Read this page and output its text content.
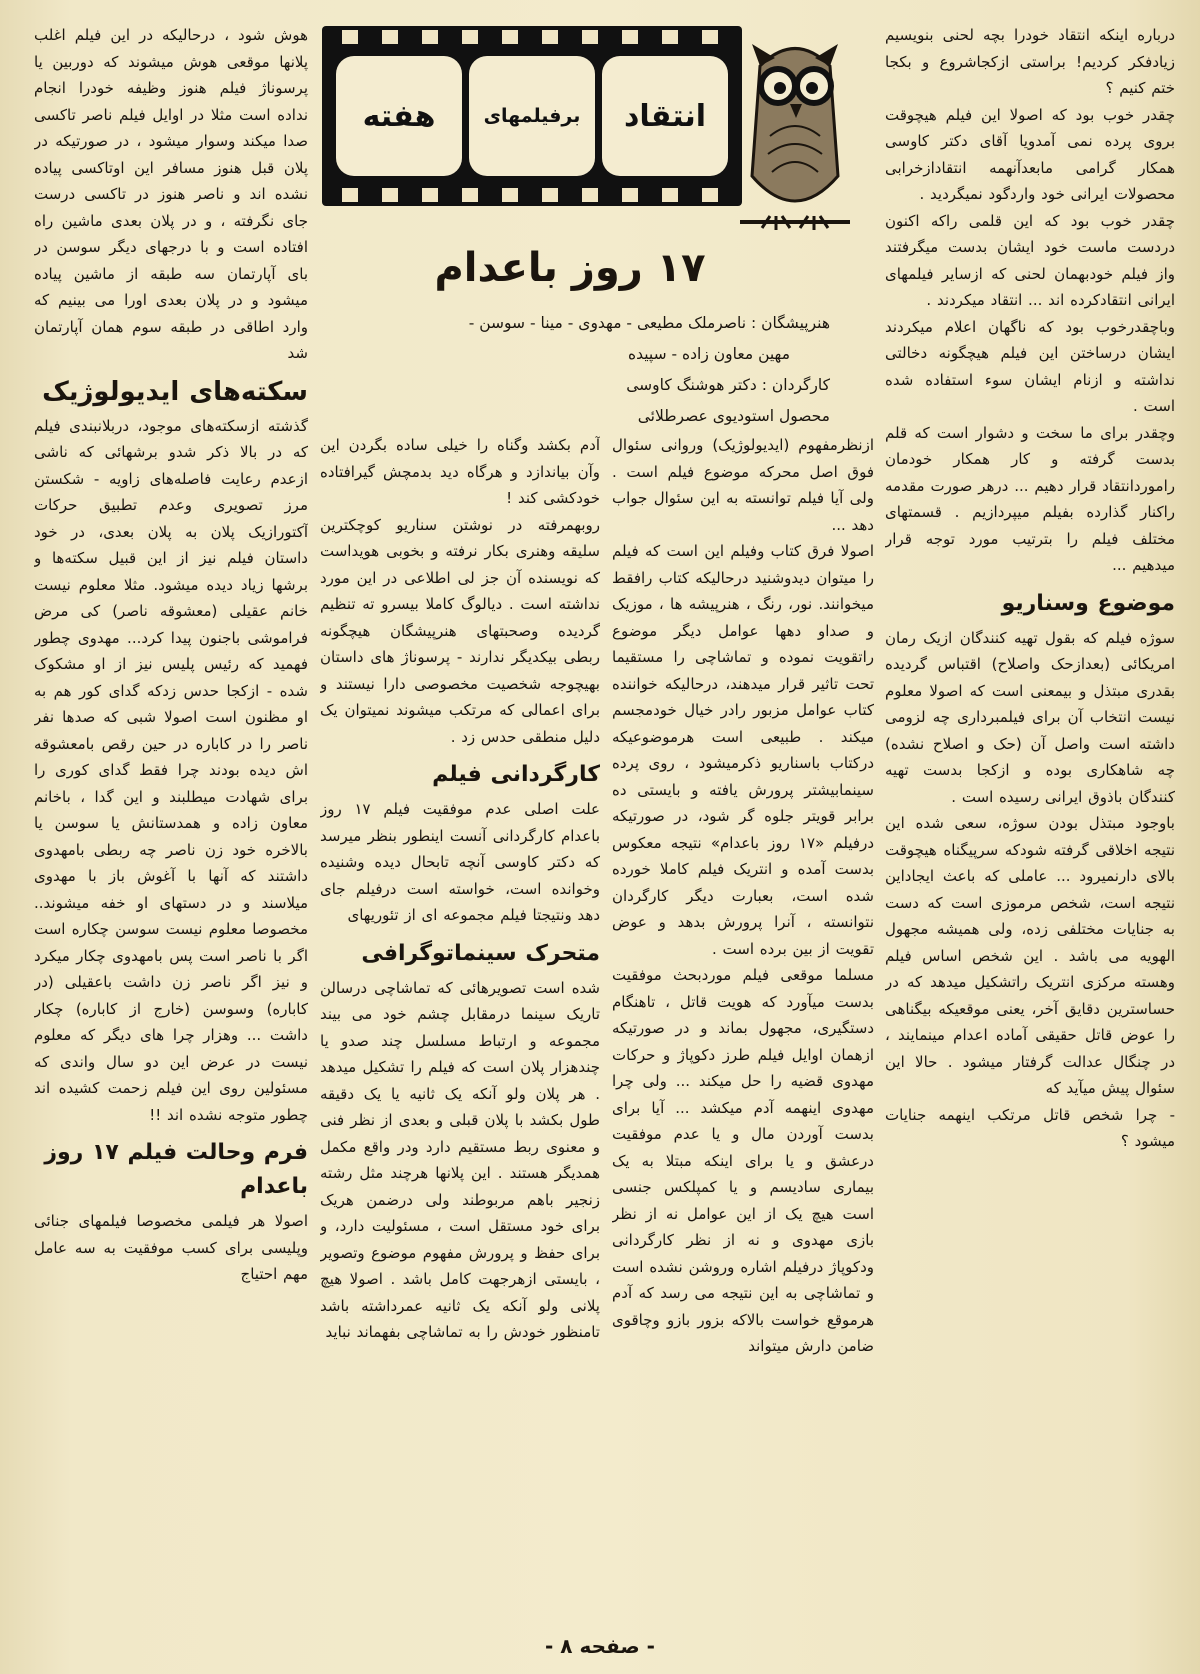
درباره اینکه انتقاد خودرا بچه لحنی بنویسیم زیادفکر کردیم! براستی ازکجاشروع و بکجا ختم کنیم ؟

چقدر خوب بود که اصولا این فیلم هیچوقت بروی پرده نمی آمدویا آقای دکتر کاوسی همکار گرامی مابعدآنهمه انتقادازخرابی محصولات ایرانی خود واردگود نمیگردید .

چقدر خوب بود که این قلمی راکه اکنون دردست ماست خود ایشان بدست میگرفتند واز فیلم خودبهمان لحنی که ازسایر فیلمهای ایرانی انتقادکرده اند ... انتقاد میکردند .

وباچقدرخوب بود که ناگهان اعلام میکردند ایشان درساختن این فیلم هیچگونه دخالتی نداشته و ازنام ایشان سوء استفاده شده است .

وچقدر برای ما سخت و دشوار است که قلم بدست گرفته و کار همکار خودمان راموردانتقاد قرار دهیم ... درهر صورت مقدمه راکنار گذارده بفیلم میپردازیم . قسمتهای مختلف فیلم را بترتیب مورد توجه قرار میدهیم ...

موضوع وسناریو

سوژه فیلم که بقول تهیه کنندگان ازیک رمان امریکائی (بعدازحک واصلاح) اقتباس گردیده بقدری مبتذل و بیمعنی است که اصولا معلوم نیست انتخاب آن برای فیلمبرداری چه لزومی داشته است واصل آن (حک و اصلاح نشده) چه شاهکاری بوده و ازکجا بدست تهیه کنندگان باذوق ایرانی رسیده است .

باوجود مبتذل بودن سوژه، سعی شده این نتیجه اخلاقی گرفته شودکه سرپیگناه هیچوقت بالای دارنمیرود ... عاملی که باعث ایجاداین نتیجه است، شخص مرموزی است که دست به جنایات مختلفی زده، ولی همیشه مجهول الهویه می باشد . این شخص اساس فیلم وهسته مرکزی انتریک راتشکیل میدهد که در حساسترین دقایق آخر، یعنی موقعیکه بیگناهی را عوض قاتل حقیقی آماده اعدام مینمایند ، در چنگال عدالت گرفتار میشود . حالا این سئوال پیش میآید که

- چرا شخص قاتل مرتکب اینهمه جنایات میشود ؟

انتقاد
برفیلمهای
هفته
۱۷ روز باعدام
هنرپیشگان : ناصرملک مطیعی - مهدوی - مینا - سوسن -
مهین معاون زاده - سپیده
کارگردان : دکتر هوشنگ کاوسی
محصول استودیوی عصرطلائی

ازنظرمفهوم (ایدیولوژیک) وروانی سئوال فوق اصل محرکه موضوع فیلم است . ولی آیا فیلم توانسته به این سئوال جواب دهد ...

اصولا فرق کتاب وفیلم این است که فیلم را میتوان دیدوشنید درحالیکه کتاب رافقط میخوانند. نور، رنگ ، هنرپیشه ها ، موزیک و صداو دهها عوامل دیگر موضوع راتقویت نموده و تماشاچی را مستقیما تحت تاثیر قرار میدهند، درحالیکه خواننده کتاب عوامل مزبور رادر خیال خودمجسم میکند . طبیعی است هرموضوعیکه درکتاب باسناریو ذکرمیشود ، روی پرده سینمابیشتر پرورش یافته و بایستی ده برابر قویتر جلوه گر شود، در صورتیکه درفیلم «۱۷ روز باعدام» نتیجه معکوس بدست آمده و انتریک فیلم کاملا خورده شده است، بعبارت دیگر کارگردان نتوانسته ، آنرا پرورش بدهد و عوض تقویت از بین برده است .

مسلما موقعی فیلم موردبحث موفقیت بدست میآورد که هویت قاتل ، تاهنگام دستگیری، مجهول بماند و در صورتیکه ازهمان اوایل فیلم طرز دکوپاژ و حرکات مهدوی قضیه را حل میکند ... ولی چرا مهدوی اینهمه آدم میکشد ... آیا برای بدست آوردن مال و یا عدم موفقیت درعشق و یا برای اینکه مبتلا به یک بیماری سادیسم و یا کمپلکس جنسی است هیچ یک از این عوامل نه از نظر بازی مهدوی و نه از نظر کارگردانی ودکوپاژ درفیلم اشاره وروشن نشده است و تماشاچی به این نتیجه می رسد که آدم هرموقع خواست بالاکه بزور بازو وچاقوی ضامن دارش میتواند

آدم بکشد وگناه را خیلی ساده بگردن این وآن بیاندازد و هرگاه دید بدمچش گیرافتاده خودکشی کند !

روبهمرفته در نوشتن سناریو کوچکترین سلیقه وهنری بکار نرفته و بخوبی هویداست که نویسنده آن جز لی اطلاعی در این مورد نداشته است . دیالوگ کاملا بیسرو ته تنظیم گردیده وصحبتهای هنرپیشگان هیچگونه ربطی بیکدیگر ندارند - پرسوناژ های داستان بهیچوجه شخصیت مخصوصی دارا نیستند و برای اعمالی که مرتکب میشوند نمیتوان یک دلیل منطقی حدس زد .

کارگردانی فیلم

علت اصلی عدم موفقیت فیلم ۱۷ روز باعدام کارگردانی آنست اینطور بنظر میرسد که دکتر کاوسی آنچه تابحال دیده وشنیده وخوانده است، خواسته است درفیلم جای دهد ونتیجتا فیلم مجموعه ای از تئوریهای

متحرک سینماتوگرافی

شده است تصویرهائی که تماشاچی درسالن تاریک سینما درمقابل چشم خود می بیند مجموعه و ارتباط مسلسل چند صدو یا چندهزار پلان است که فیلم را تشکیل میدهد . هر پلان ولو آنکه یک ثانیه یا یک دقیقه طول بکشد با پلان قبلی و بعدی از نظر فنی و معنوی ربط مستقیم دارد ودر واقع مکمل همدیگر هستند . این پلانها هرچند مثل رشته زنجیر باهم مربوطند ولی درضمن هریک برای خود مستقل است ، مسئولیت دارد، و برای حفظ و پرورش مفهوم موضوع وتصویر ، بایستی ازهرجهت کامل باشد . اصولا هیچ پلانی ولو آنکه یک ثانیه عمرداشته باشد تامنظور خودش را به تماشاچی بفهماند نباید

هوش شود ، درحالیکه در این فیلم اغلب پلانها موقعی هوش میشوند که دوربین یا پرسوناژ فیلم هنوز وظیفه خودرا انجام نداده است مثلا در اوایل فیلم ناصر تاکسی صدا میکند وسوار میشود ، در صورتیکه در پلان قبل هنوز مسافر این اوتاکسی پیاده نشده اند و ناصر هنوز در تاکسی درست جای نگرفته ، و در پلان بعدی ماشین راه افتاده است و با درجهای دیگر سوسن در بای آپارتمان سه طبقه از ماشین پیاده میشود و در پلان بعدی اورا می بینیم که وارد اطاقی در طبقه سوم همان آپارتمان شد

سکته‌های ایدیولوژیک

گذشته ازسکته‌های موجود، دربلانبندی فیلم که در بالا ذکر شدو برشهائی که ناشی ازعدم رعایت فاصله‌های زاویه - شکستن مرز تصویری وعدم تطبیق حرکات آکتورازیک پلان به پلان بعدی، در خود داستان فیلم نیز از این قبیل سکته‌ها و برشها زیاد دیده میشود. مثلا معلوم نیست خانم عقیلی (معشوقه ناصر) کی مرض فراموشی باجنون پیدا کرد... مهدوی چطور فهمید که رئیس پلیس نیز از او مشکوک شده - ازکجا حدس زدکه گدای کور هم به او مظنون است اصولا شبی که صدها نفر ناصر را در کاباره در حین رقص بامعشوقه اش دیده بودند چرا فقط گدای کوری را برای شهادت میطلبند و این گدا ، باخانم معاون زاده و همدستانش یا سوسن یا بالاخره خود زن ناصر چه ربطی بامهدوی داشتند که آنها با آغوش باز با مهدوی میلاسند و در دستهای او خفه میشوند.. مخصوصا معلوم نیست سوسن چکاره است اگر با ناصر است پس بامهدوی چکار میکرد و نیز اگر ناصر زن داشت باعقیلی (در کاباره) وسوسن (خارج از کاباره) چکار داشت ... وهزار چرا های دیگر که معلوم نیست در عرض این دو سال واندی که مسئولین روی این فیلم زحمت کشیده اند چطور متوجه نشده اند !!

فرم وحالت فیلم ۱۷ روز باعدام

اصولا هر فیلمی مخصوصا فیلمهای جنائی وپلیسی برای کسب موفقیت به سه عامل مهم احتیاج

- صفحه ۸ -
